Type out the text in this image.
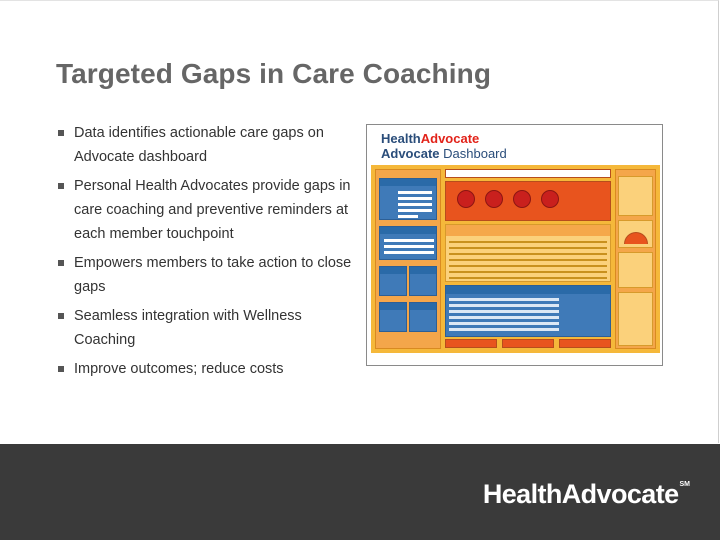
Targeted Gaps in Care Coaching
Data identifies actionable care gaps on Advocate dashboard
Personal Health Advocates provide gaps in care coaching and preventive reminders at each member touchpoint
Empowers members to take action to close gaps
Seamless integration with Wellness Coaching
Improve outcomes; reduce costs
HealthAdvocate
Advocate Dashboard
HealthAdvocate℠
